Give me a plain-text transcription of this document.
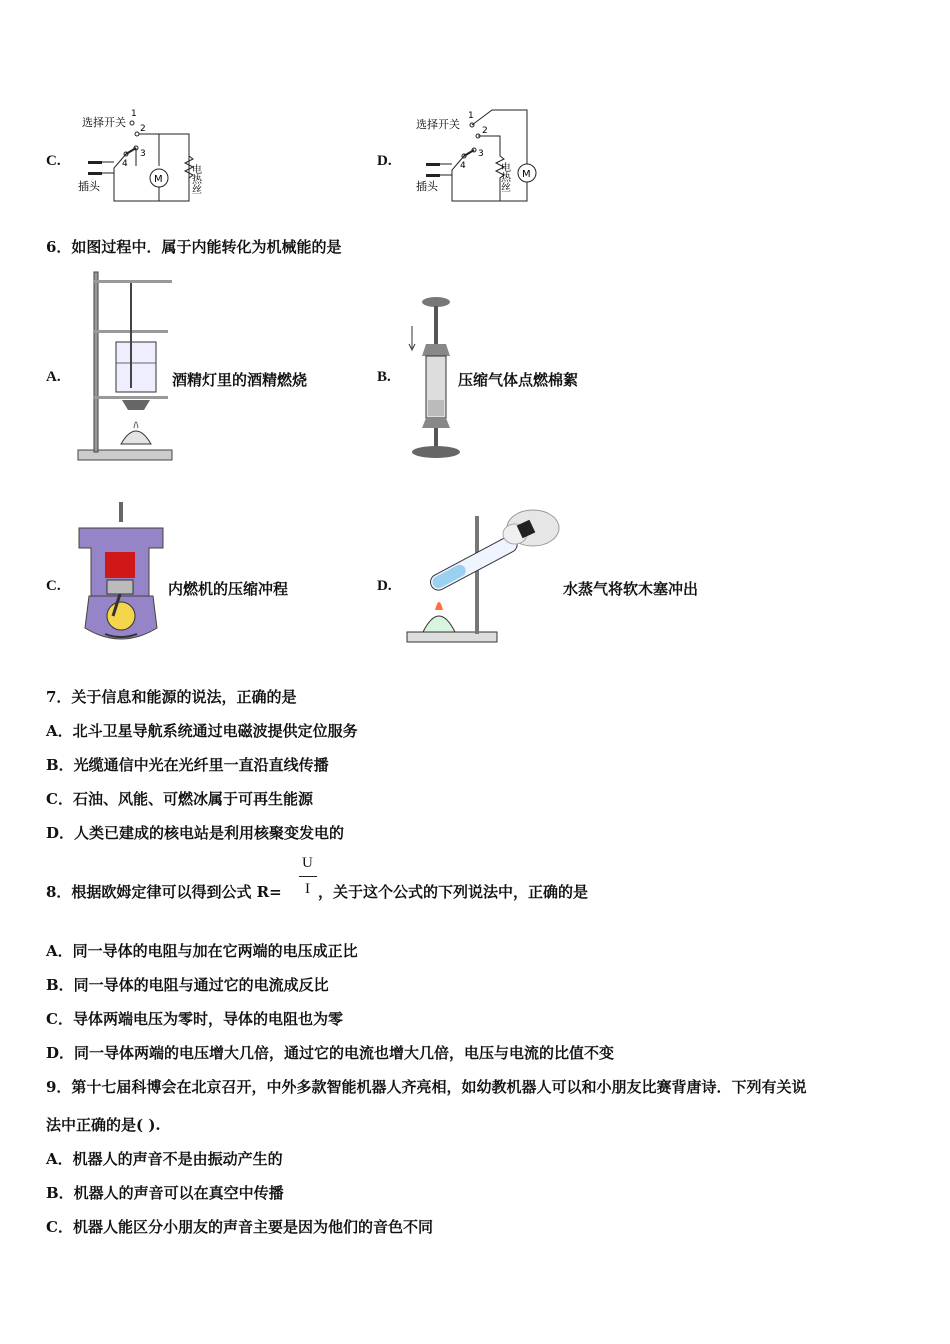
C.
选择开关
1
2
3
4
M	电热丝
插头
D.
选择开关
1
2
3
4	电热丝 M
插头
6．如图过程中．属于内能转化为机械能的是
A.	酒精灯里的酒精燃烧	B.	压缩气体点燃棉絮
C.	内燃机的压缩冲程	D.	水蒸气将软木塞冲出
7．关于信息和能源的说法，正确的是
A．北斗卫星导航系统通过电磁波提供定位服务
B．光缆通信中光在光纤里一直沿直线传播
C．石油、风能、可燃冰属于可再生能源
D．人类已建成的核电站是利用核聚变发电的
8．根据欧姆定律可以得到公式 R=
U
I ，关于这个公式的下列说法中，正确的是
A．同一导体的电阻与加在它两端的电压成正比
B．同一导体的电阻与通过它的电流成反比
C．导体两端电压为零时，导体的电阻也为零
D．同一导体两端的电压增大几倍，通过它的电流也增大几倍，电压与电流的比值不变
9．第十七届科博会在北京召开，中外多款智能机器人齐亮相，如幼教机器人可以和小朋友比赛背唐诗．下列有关说
法中正确的是( ).
A．机器人的声音不是由振动产生的
B．机器人的声音可以在真空中传播
C．机器人能区分小朋友的声音主要是因为他们的音色不同
